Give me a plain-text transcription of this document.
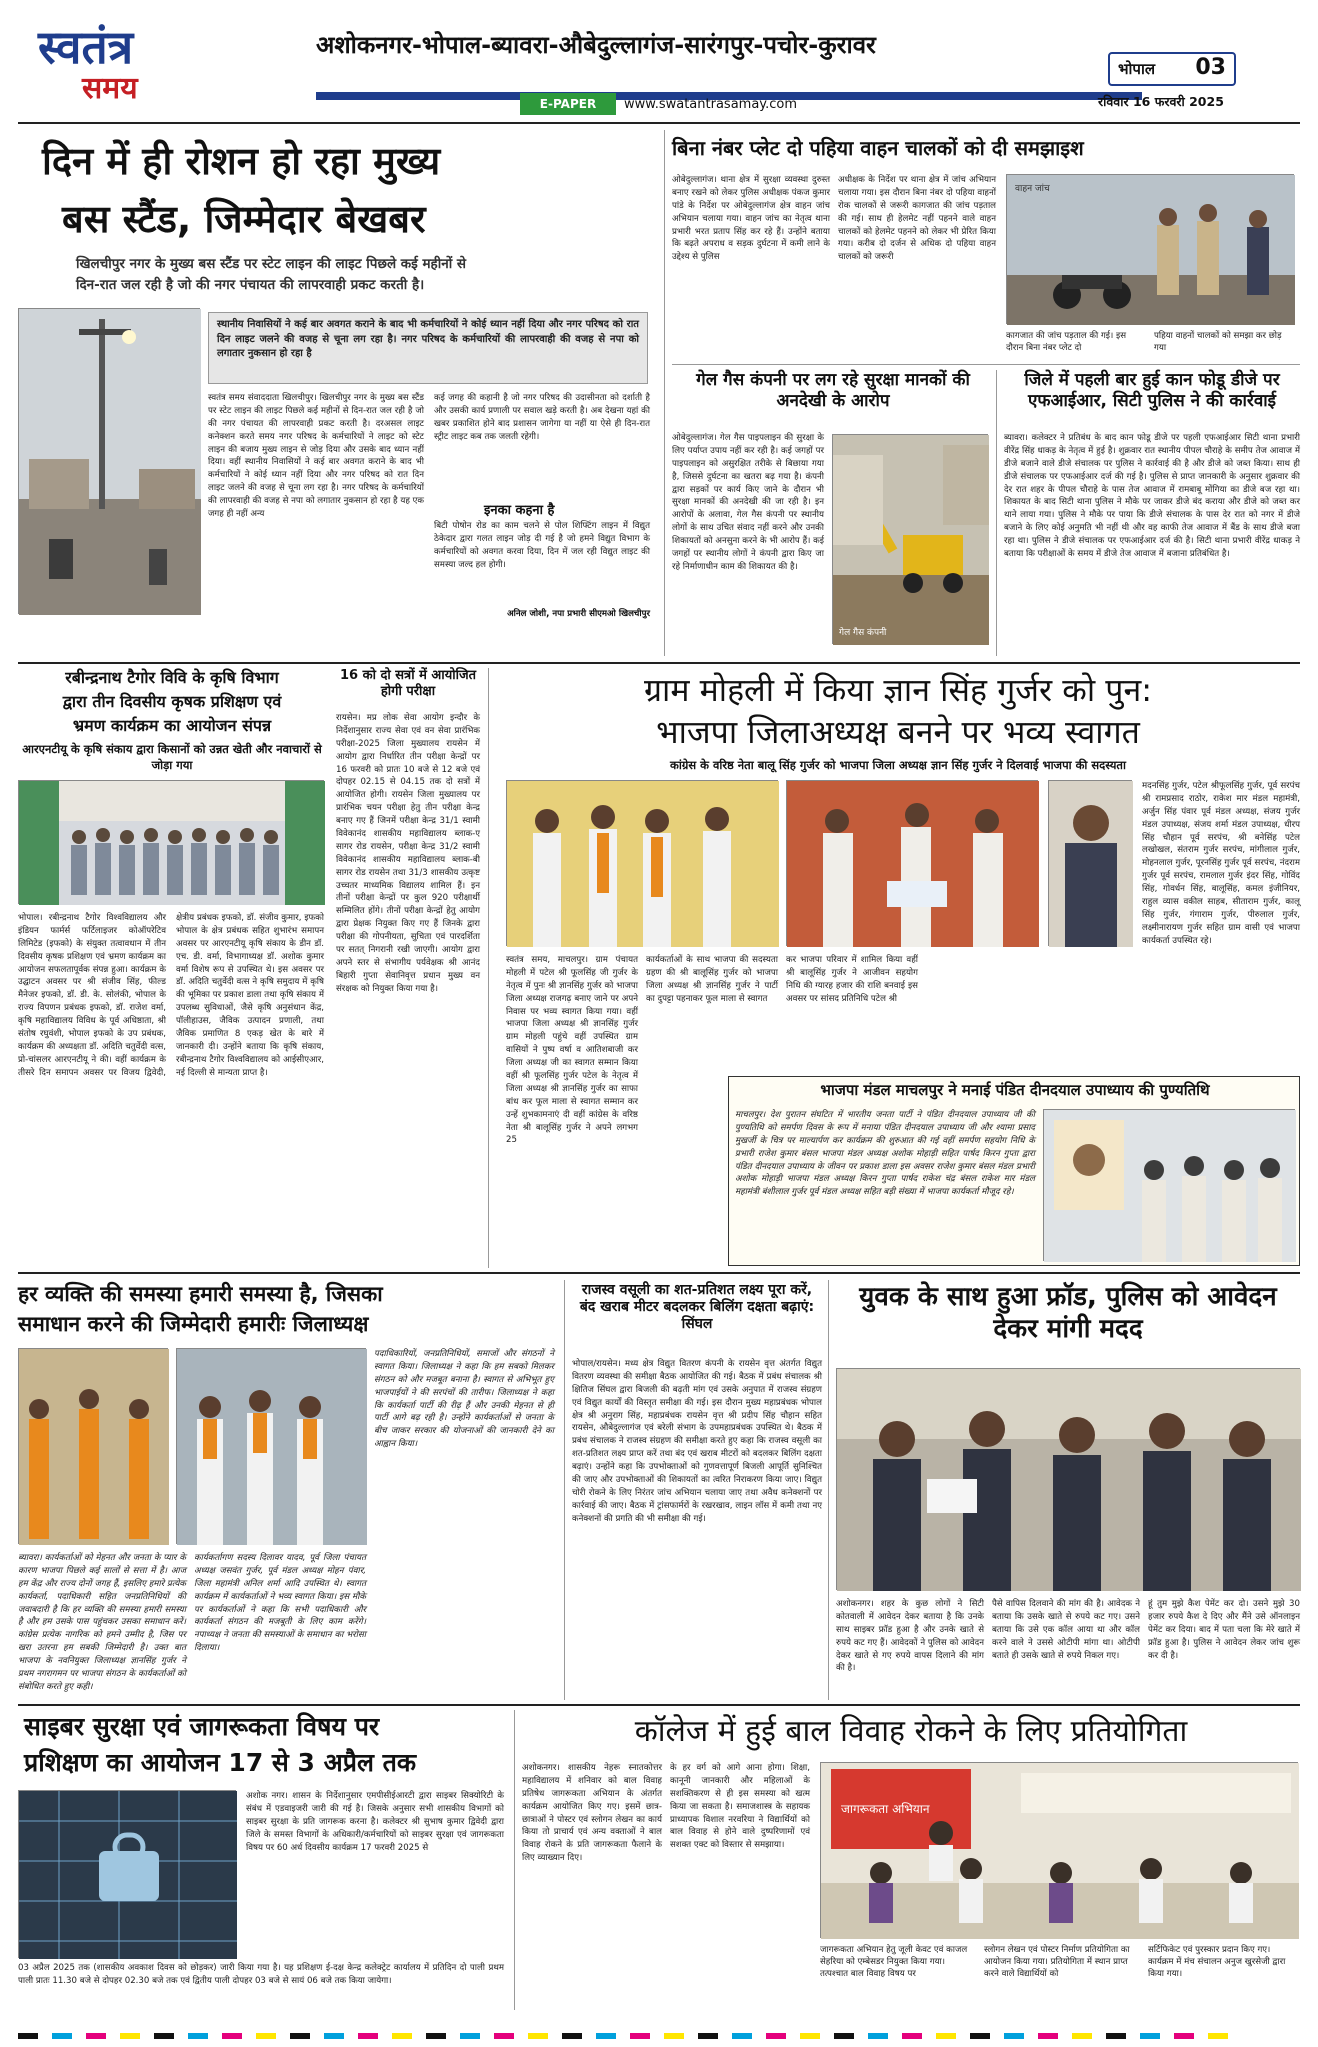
स्वतंत्र
समय
अशोकनगर-भोपाल-ब्यावरा-औबेदुल्लागंज-सारंगपुर-पचोर-कुरावर
E-PAPER	www.swatantrasamay.com
भोपाल 03
रविवार 16 फरवरी 2025
दिन में ही रोशन हो रहा मुख्य
बस स्टैंड, जिम्मेदार बेखबर
खिलचीपुर नगर के मुख्य बस स्टैंड पर स्टेट लाइन की लाइट पिछले कई महीनों से
दिन-रात जल रही है जो की नगर पंचायत की लापरवाही प्रकट करती है।
स्थानीय निवासियों ने कई बार अवगत कराने के बाद भी कर्मचारियों ने कोई ध्यान नहीं दिया और नगर परिषद को रात दिन लाइट जलने की वजह से चूना लग रहा है। नगर परिषद के कर्मचारियों की लापरवाही की वजह से नपा को लगातार नुकसान हो रहा है
स्वतंत्र समय संवाददाता खिलचीपुर। खिलचीपुर नगर के मुख्य बस स्टैंड पर स्टेट लाइन की लाइट पिछले कई महीनों से दिन-रात जल रही है जो की नगर पंचायत की लापरवाही प्रकट करती है। दरअसल लाइट कनेक्शन करते समय नगर परिषद के कर्मचारियों ने लाइट को स्टेट लाइन की बजाय मुख्य लाइन से जोड़ दिया और उसके बाद ध्यान नहीं दिया। वहीं स्थानीय निवासियों ने कई बार अवगत कराने के बाद भी कर्मचारियों ने कोई ध्यान नहीं दिया और नगर परिषद को रात दिन लाइट जलने की वजह से चूना लग रहा है। नगर परिषद के कर्मचारियों की लापरवाही की वजह से नपा को लगातार नुकसान हो रहा है यह एक जगह ही नहीं अन्य
कई जगह की कहानी है जो नगर परिषद की उदासीनता को दर्शाती है और उसकी कार्य प्रणाली पर सवाल खड़े करती है। अब देखना यहां की खबर प्रकाशित होने बाद प्रशासन जागेगा या नहीं या ऐसे ही दिन-रात स्ट्रीट लाइट कब तक जलती रहेगी।
इनका कहना है
बिटी पोषोन रोड का काम चलने से पोल शिफ्टिंग लाइन में विद्युत ठेकेदार द्वारा गलत लाइन जोड़ दी गई है जो हमने विद्युत विभाग के कर्मचारियों को अवगत करवा दिया, दिन में जल रही विद्युत लाइट की समस्या जल्द हल होगी।
अनिल जोशी, नपा प्रभारी सीएमओ खिलचीपुर
बिना नंबर प्लेट दो पहिया वाहन चालकों को दी समझाइश
ओबेदुल्लागंज। थाना क्षेत्र में सुरक्षा व्यवस्था दुरुस्त बनाए रखने को लेकर पुलिस अधीक्षक पंकज कुमार पांडे के निर्देश पर ओबेदुल्लागंज क्षेत्र वाहन जांच अभियान चलाया गया। वाहन जांच का नेतृत्व थाना प्रभारी भरत प्रताप सिंह कर रहे हैं। उन्होंने बताया कि बढ़ते अपराध व सड़क दुर्घटना में कमी लाने के उद्देश्य से पुलिस
अधीक्षक के निर्देश पर थाना क्षेत्र में जांच अभियान चलाया गया। इस दौरान बिना नंबर दो पहिया वाहनों रोक चालकों से जरूरी कागजात की जांच पड़ताल की गई। साथ ही हेलमेट नहीं पहनने वाले वाहन चालकों को हेलमेट पहनने को लेकर भी प्रेरित किया गया। करीब दो दर्जन से अधिक दो पहिया वाहन चालकों को जरूरी
वाहन जांच
कागजात की जांच पड़ताल की गई। इस दौरान बिना नंबर प्लेट दो
पहिया वाहनों चालकों को समझा कर छोड़ गया
गेल गैस कंपनी पर लग रहे सुरक्षा मानकों की अनदेखी के आरोप
ओबेदुल्लागंज। गेल गैस पाइपलाइन की सुरक्षा के लिए पर्याप्त उपाय नहीं कर रही है। कई जगहों पर पाइपलाइन को असुरक्षित तरीके से बिछाया गया है, जिससे दुर्घटना का खतरा बढ़ गया है। कंपनी द्वारा सड़कों पर कार्य किए जाने के दौरान भी सुरक्षा मानकों की अनदेखी की जा रही है। इन आरोपों के अलावा, गेल गैस कंपनी पर स्थानीय लोगों के साथ उचित संवाद नहीं करने और उनकी शिकायतों को अनसुना करने के भी आरोप हैं। कई जगहों पर स्थानीय लोगों ने कंपनी द्वारा किए जा रहे निर्माणाधीन काम की शिकायत की है।
गेल गैस कंपनी
जिले में पहली बार हुई कान फोडू डीजे पर एफआईआर, सिटी पुलिस ने की कार्रवाई
ब्यावरा। कलेक्टर ने प्रतिबंध के बाद कान फोडू डीजे पर पहली एफआईआर सिटी थाना प्रभारी वीरेंद्र सिंह धाकड़ के नेतृत्व में हुई है। शुक्रवार रात स्थानीय पीपल चौराहे के समीप तेज आवाज में डीजे बजाने वाले डीजे संचालक पर पुलिस ने कार्रवाई की है और डीजे को जब्त किया। साथ ही डीजे संचालक पर एफआईआर दर्ज की गई है। पुलिस से प्राप्त जानकारी के अनुसार शुक्रवार की देर रात शहर के पीपल चौराहे के पास तेज आवाज में रामबाबू मोंगिया का डीजे बज रहा था। शिकायत के बाद सिटी थाना पुलिस ने मौके पर जाकर डीजे बंद कराया और डीजे को जब्त कर थाने लाया गया। पुलिस ने मौके पर पाया कि डीजे संचालक के पास देर रात को नगर में डीजे बजाने के लिए कोई अनुमति भी नहीं थी और वह काफी तेज आवाज में बैंड के साथ डीजे बजा रहा था। पुलिस ने डीजे संचालक पर एफआईआर दर्ज की है। सिटी थाना प्रभारी वीरेंद्र धाकड़ ने बताया कि परीक्षाओं के समय में डीजे तेज आवाज में बजाना प्रतिबंधित है।
रबीन्द्रनाथ टैगोर विवि के कृषि विभाग
द्वारा तीन दिवसीय कृषक प्रशिक्षण एवं
भ्रमण कार्यक्रम का आयोजन संपन्न
आरएनटीयू के कृषि संकाय द्वारा किसानों को उन्नत खेती और नवाचारों से जोड़ा गया
भोपाल। रबीन्द्रनाथ टैगोर विश्वविद्यालय और इंडियन फार्मर्स फर्टिलाइजर कोऑपरेटिव लिमिटेड (इफको) के संयुक्त तत्वावधान में तीन दिवसीय कृषक प्रशिक्षण एवं भ्रमण कार्यक्रम का आयोजन सफलतापूर्वक संपन्न हुआ। कार्यक्रम के उद्घाटन अवसर पर श्री संजीव सिंह, फील्ड मैनेजर इफको, डॉ. डी. के. सोलंकी, भोपाल के राज्य विपणन प्रबंधक इफको, डॉ. राजेश वर्मा, कृषि महाविद्यालय विविध के पूर्व अधिष्ठाता, श्री संतोष रघुवंशी, भोपाल इफको के उप प्रबंधक, कार्यक्रम की अध्यक्षता डॉ. अदिति चतुर्वेदी वत्स, प्रो-चांसलर आरएनटीयू ने की। वहीं कार्यक्रम के तीसरे दिन समापन अवसर पर विजय द्विवेदी, क्षेत्रीय प्रबंधक इफको, डॉ. संजीव कुमार, इफको भोपाल के क्षेत्र प्रबंधक सहित शुभारंभ समापन अवसर पर आरएनटीयू कृषि संकाय के डीन डॉ. एच. डी. वर्मा, विभागाध्यक्ष डॉ. अशोक कुमार वर्मा विशेष रूप से उपस्थित थे। इस अवसर पर डॉ. अदिति चतुर्वेदी वत्स ने कृषि समुदाय में कृषि की भूमिका पर प्रकाश डाला तथा कृषि संकाय में उपलब्ध सुविधाओं, जैसे कृषि अनुसंधान केंद्र, पॉलीहाउस, जैविक उत्पादन प्रणाली, तथा जैविक प्रमाणित 8 एकड़ खेत के बारे में जानकारी दी। उन्होंने बताया कि कृषि संकाय, रबीन्द्रनाथ टैगोर विश्वविद्यालय को आईसीएआर, नई दिल्ली से मान्यता प्राप्त है।
16 को दो सत्रों में आयोजित होगी परीक्षा
रायसेन। मप्र लोक सेवा आयोग इन्दौर के निर्देशानुसार राज्य सेवा एवं वन सेवा प्रारंभिक परीक्षा-2025 जिला मुख्यालय रायसेन में आयोग द्वारा निर्धारित तीन परीक्षा केन्द्रों पर 16 फरवरी को प्रातः 10 बजे से 12 बजे एवं दोपहर 02.15 से 04.15 तक दो सत्रों में आयोजित होगी। रायसेन जिला मुख्यालय पर प्रारंभिक चयन परीक्षा हेतु तीन परीक्षा केन्द्र बनाए गए हैं जिनमें परीक्षा केन्द्र 31/1 स्वामी विवेकानंद शासकीय महाविद्यालय ब्लाक-ए सागर रोड रायसेन, परीक्षा केन्द्र 31/2 स्वामी विवेकानंद शासकीय महाविद्यालय ब्लाक-बी सागर रोड रायसेन तथा 31/3 शासकीय उत्कृष्ट उच्चतर माध्यमिक विद्यालय शामिल हैं। इन तीनों परीक्षा केन्द्रों पर कुल 920 परीक्षार्थी सम्मिलित होंगे। तीनों परीक्षा केन्द्रों हेतु आयोग द्वारा प्रेक्षक नियुक्त किए गए हैं जिनके द्वारा परीक्षा की गोपनीयता, सुचिता एवं पारदर्शिता पर सतत् निगरानी रखी जाएगी। आयोग द्वारा अपने स्तर से संभागीय पर्यवेक्षक श्री आनंद बिहारी गुप्ता सेवानिवृत्त प्रधान मुख्य वन संरक्षक को नियुक्त किया गया है।
ग्राम मोहली में किया ज्ञान सिंह गुर्जर को पुन:
भाजपा जिलाअध्यक्ष बनने पर भव्य स्वागत
कांग्रेस के वरिष्ठ नेता बालू सिंह गुर्जर को भाजपा जिला अध्यक्ष ज्ञान सिंह गुर्जर ने दिलवाई भाजपा की सदस्यता
मदनसिंह गुर्जर, पटेल श्रीफूलसिंह गुर्जर, पूर्व सरपंच श्री रामप्रसाद राठोर, राकेश मार मंडल महामंत्री, अर्जुन सिंह पंवार पूर्व मंडल अध्यक्ष, संजय गुर्जर मंडल उपाध्यक्ष, संजय शर्मा मंडल उपाध्यक्ष, धीरप सिंह चौहान पूर्व सरपंच, श्री बनेसिंह पटेल लखोखल, संतराम गुर्जर सरपंच, मांगीलाल गुर्जर, मोहनलाल गुर्जर, पूरनसिंह गुर्जर पूर्व सरपंच, नंदराम गुर्जर पूर्व सरपंच, रामलाल गुर्जर इंदर सिंह, गोविंद सिंह, गोवर्धन सिंह, बालूसिंह, कमल इंजीनियर, राहुल व्यास वकील साहब, सीताराम गुर्जर, कालू सिंह गुर्जर, गंगाराम गुर्जर, पीरुलाल गुर्जर, लक्ष्मीनारायण गुर्जर सहित ग्राम वासी एवं भाजपा कार्यकर्ता उपस्थित रहे।
स्वतंत्र समय, माचलपुर। ग्राम पंचायत मोहली में पटेल श्री फूलसिंह जी गुर्जर के नेतृत्व में पुनः श्री ज्ञानसिंह गुर्जर को भाजपा जिला अध्यक्ष राजगढ़ बनाए जाने पर अपने निवास पर भव्य स्वागत किया गया। वहीं भाजपा जिला अध्यक्ष श्री ज्ञानसिंह गुर्जर ग्राम मोहली पहुंचे वहीं उपस्थित ग्राम वासियों ने पुष्प वर्षा व आतिशबाजी कर जिला अध्यक्ष जी का स्वागत सम्मान किया वहीं श्री फूलसिंह गुर्जर पटेल के नेतृत्व में जिला अध्यक्ष श्री ज्ञानसिंह गुर्जर का साफा बांध कर फूल माला से स्वागत सम्मान कर उन्हें शुभकामनाएं दी वहीं कांग्रेस के वरिष्ठ नेता श्री बालूसिंह गुर्जर ने अपने लगभग 25
कार्यकर्ताओं के साथ भाजपा की सदस्यता ग्रहण की श्री बालूसिंह गुर्जर को भाजपा जिला अध्यक्ष श्री ज्ञानसिंह गुर्जर ने पार्टी का दुपट्टा पहनाकर फूल माला से स्वागत
कर भाजपा परिवार में शामिल किया वहीं श्री बालूसिंह गुर्जर ने आजीवन सहयोग निधि की ग्यारह हजार की राशि बनवाई इस अवसर पर सांसद प्रतिनिधि पटेल श्री
भाजपा मंडल माचलपुर ने मनाई पंडित दीनदयाल उपाध्याय की पुण्यतिथि
माचलपुर। देश पुरातन संघटित में भारतीय जनता पार्टी ने पंडित दीनदयाल उपाध्याय जी की पुण्यतिथि को समर्पण दिवस के रूप में मनाया पंडित दीनदयाल उपाध्याय जी और श्यामा प्रसाद मुखर्जी के चित्र पर माल्यार्पण कर कार्यक्रम की शुरुआत की गई वहीं समर्पण सहयोग निधि के प्रभारी राजेश कुमार बंसल भाजपा मंडल अध्यक्ष अशोक मोहाड़ी सहित पार्षद किरन गुप्ता द्वारा पंडित दीनदयाल उपाध्याय के जीवन पर प्रकाश डाला इस अवसर राजेश कुमार बंसल मंडल प्रभारी अशोक मोहाड़ी भाजपा मंडल अध्यक्ष किरन गुप्ता पार्षद राकेश चंद्र बंसल राकेश मार मंडल महामंत्री बंशीलाल गुर्जर पूर्व मंडल अध्यक्ष सहित बड़ी संख्या में भाजपा कार्यकर्ता मौजूद रहे।
हर व्यक्ति की समस्या हमारी समस्या है, जिसका
समाधान करने की जिम्मेदारी हमारीः जिलाध्यक्ष
पदाधिकारियों, जनप्रतिनिधियों, समाजों और संगठनों ने स्वागत किया। जिलाध्यक्ष ने कहा कि हम सबको मिलकर संगठन को और मजबूत बनाना है। स्वागत से अभिभूत हुए भाजपाईयों ने की सरपंचों की तारीफ। जिलाध्यक्ष ने कहा कि कार्यकर्ता पार्टी की रीढ़ हैं और उनकी मेहनत से ही पार्टी आगे बढ़ रही है। उन्होंने कार्यकर्ताओं से जनता के बीच जाकर सरकार की योजनाओं की जानकारी देने का आह्वान किया।
ब्यावरा। कार्यकर्ताओं को मेहनत और जनता के प्यार के कारण भाजपा पिछले कई सालों से सत्ता में है। आज हम केंद्र और राज्य दोनों जगह हैं, इसलिए हमारे प्रत्येक कार्यकर्ता, पदाधिकारी सहित जनप्रतिनिधियों की जवाबदारी है कि हर व्यक्ति की समस्या हमारी समस्या है और हम उसके पास पहुंचकर उसका समाधान करें। कांग्रेस प्रत्येक नागरिक को हमने उम्मीद है, जिस पर खरा उतरना हम सबकी जिम्मेदारी है। उक्त बात भाजपा के नवनियुक्त जिलाध्यक्ष ज्ञानसिंह गुर्जर ने प्रथम नगरागमन पर भाजपा संगठन के कार्यकर्ताओं को संबोधित करते हुए कही।
कार्यकर्तागण सदस्य दिलावर यादव, पूर्व जिला पंचायत अध्यक्ष जसवंत गुर्जर, पूर्व मंडल अध्यक्ष मोहन पंवार, जिला महामंत्री अनिल शर्मा आदि उपस्थित थे। स्वागत कार्यक्रम में कार्यकर्ताओं ने भव्य स्वागत किया। इस मौके पर कार्यकर्ताओं ने कहा कि सभी पदाधिकारी और कार्यकर्ता संगठन की मजबूती के लिए काम करेंगे। नपाध्यक्ष ने जनता की समस्याओं के समाधान का भरोसा दिलाया।
राजस्व वसूली का शत-प्रतिशत लक्ष्य पूरा करें, बंद खराब मीटर बदलकर बिलिंग दक्षता बढ़ाएं: सिंघल
भोपाल/रायसेन। मध्य क्षेत्र विद्युत वितरण कंपनी के रायसेन वृत्त अंतर्गत विद्युत वितरण व्यवस्था की समीक्षा बैठक आयोजित की गई। बैठक में प्रबंध संचालक श्री क्षितिज सिंघल द्वारा बिजली की बढ़ती मांग एवं उसके अनुपात में राजस्व संग्रहण एवं विद्युत कार्यों की विस्तृत समीक्षा की गई। इस दौरान मुख्य महाप्रबंधक भोपाल क्षेत्र श्री अनुराग सिंह, महाप्रबंधक रायसेन वृत्त श्री प्रदीप सिंह चौहान सहित रायसेन, औबेदुल्लागंज एवं बरेली संभाग के उपमहाप्रबंधक उपस्थित थे। बैठक में प्रबंध संचालक ने राजस्व संग्रहण की समीक्षा करते हुए कहा कि राजस्व वसूली का शत-प्रतिशत लक्ष्य प्राप्त करें तथा बंद एवं खराब मीटरों को बदलकर बिलिंग दक्षता बढ़ाएं। उन्होंने कहा कि उपभोक्ताओं को गुणवत्तापूर्ण बिजली आपूर्ति सुनिश्चित की जाए और उपभोक्ताओं की शिकायतों का त्वरित निराकरण किया जाए। विद्युत चोरी रोकने के लिए निरंतर जांच अभियान चलाया जाए तथा अवैध कनेक्शनों पर कार्रवाई की जाए। बैठक में ट्रांसफार्मरों के रखरखाव, लाइन लॉस में कमी तथा नए कनेक्शनों की प्रगति की भी समीक्षा की गई।
युवक के साथ हुआ फ्रॉड, पुलिस को आवेदन देकर मांगी मदद
अशोकनगर। शहर के कुछ लोगों ने सिटी कोतवाली में आवेदन देकर बताया है कि उनके साथ साइबर फ्रॉड हुआ है और उनके खाते से रुपये कट गए हैं। आवेदकों ने पुलिस को आवेदन देकर खाते से गए रुपये वापस दिलाने की मांग की है।
पैसे वापिस दिलवाने की मांग की है। आवेदक ने बताया कि उसके खाते से रुपये कट गए। उसने बताया कि उसे एक कॉल आया था और कॉल करने वाले ने उससे ओटीपी मांगा था। ओटीपी बताते ही उसके खाते से रुपये निकल गए।
हूं तुम मुझे कैश पेमेंट कर दो। उसने मुझे 30 हजार रुपये कैश दे दिए और मैंने उसे ऑनलाइन पेमेंट कर दिया। बाद में पता चला कि मेरे खाते में फ्रॉड हुआ है। पुलिस ने आवेदन लेकर जांच शुरू कर दी है।
साइबर सुरक्षा एवं जागरूकता विषय पर
प्रशिक्षण का आयोजन 17 से 3 अप्रैल तक
अशोक नगर। शासन के निर्देशानुसार एमपीसीईआरटी द्वारा साइबर सिक्योरिटी के संबंध में एडवाइजरी जारी की गई है। जिसके अनुसार सभी शासकीय विभागों को साइबर सुरक्षा के प्रति जागरूक करना है। कलेक्टर श्री सुभाष कुमार द्विवेदी द्वारा जिले के समस्त विभागों के अधिकारी/कर्मचारियों को साइबर सुरक्षा एवं जागरूकता विषय पर 60 अर्ध दिवसीय कार्यक्रम 17 फरवरी 2025 से
03 अप्रैल 2025 तक (शासकीय अवकाश दिवस को छोड़कर) जारी किया गया है। यह प्रशिक्षण ई-दक्ष केन्द्र कलेक्ट्रेट कार्यालय में प्रतिदिन दो पाली प्रथम पाली प्रातः 11.30 बजे से दोपहर 02.30 बजे तक एवं द्वितीय पाली दोपहर 03 बजे से सायं 06 बजे तक किया जायेगा।
कॉलेज में हुई बाल विवाह रोकने के लिए प्रतियोगिता
अशोकनगर। शासकीय नेहरू स्नातकोत्तर महाविद्यालय में शनिवार को बाल विवाह प्रतिषेध जागरूकता अभियान के अंतर्गत कार्यक्रम आयोजित किए गए। इसमें छात्र-छात्राओं ने पोस्टर एवं स्लोगन लेखन का कार्य किया तो प्राचार्य एवं अन्य वक्ताओं ने बाल विवाह रोकने के प्रति जागरूकता फैलाने के लिए व्याख्यान दिए।
के हर वर्ग को आगे आना होगा। शिक्षा, कानूनी जानकारी और महिलाओं के सशक्तिकरण से ही इस समस्या को खत्म किया जा सकता है। समाजशास्त्र के सहायक प्राध्यापक विशाल नरवरिया ने विद्यार्थियों को बाल विवाह से होने वाले दुष्परिणामों एवं सशक्त एक्ट को विस्तार से समझाया।
जागरूकता अभियान
जागरूकता अभियान हेतु जूली केवट एवं काजल सेहरिया को एम्बेसडर नियुक्त किया गया। तत्पश्चात बाल विवाह विषय पर
स्लोगन लेखन एवं पोस्टर निर्माण प्रतियोगिता का आयोजन किया गया। प्रतियोगिता में स्थान प्राप्त करने वाले विद्यार्थियों को
सर्टिफिकेट एवं पुरस्कार प्रदान किए गए। कार्यक्रम में मंच संचालन अनुज खुरसेजी द्वारा किया गया।
